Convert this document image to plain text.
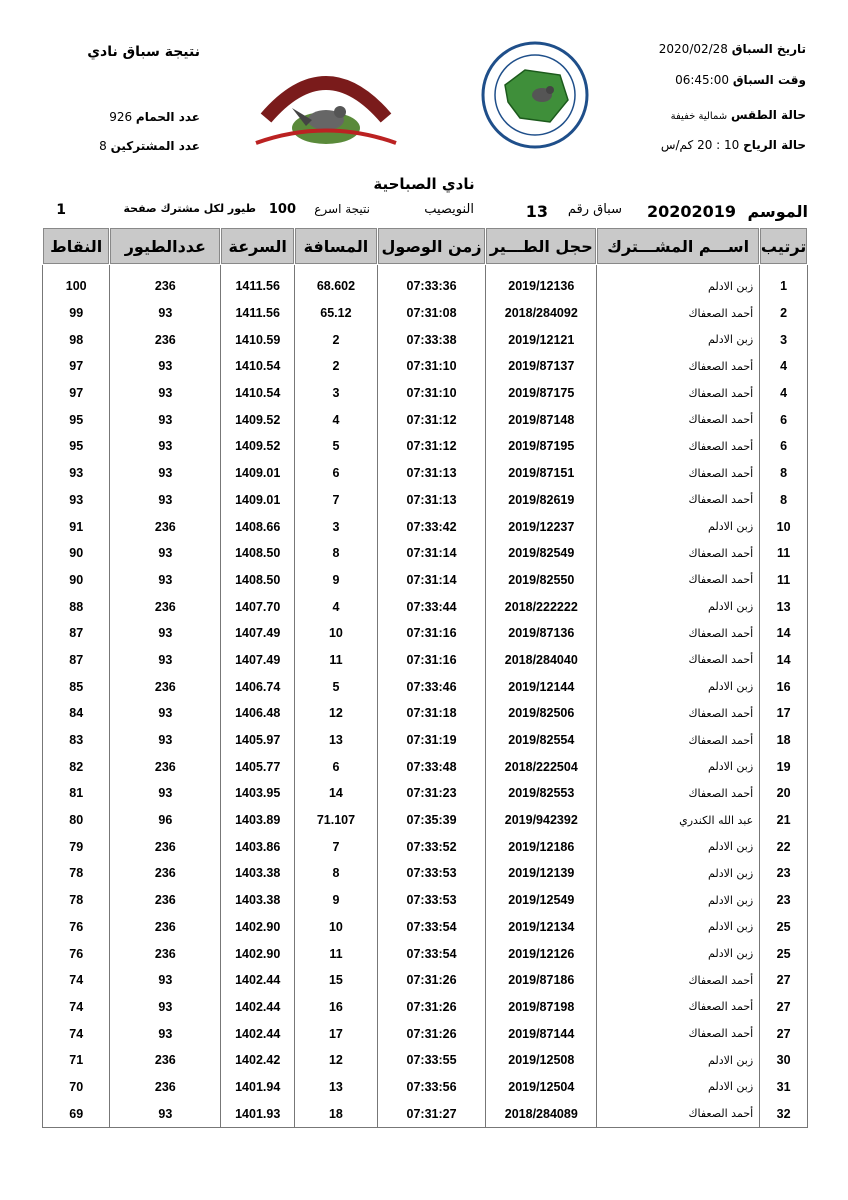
تاريخ السباق 2020/02/28
وقت السباق 06:45:00
حالة الطقس شمالية خفيفة
حالة الرياح 10 : 20 كم/س
نتيجة سباق نادي
عدد الحمام 926
عدد المشتركين 8
نادي الصباحية
الموسم
20202019
سباق رقم
13
النويصيب
نتيجة اسرع
100
طيور لكل مشترك صفحة
1
ترتيب	اســـم المشـــترك	حجل الطـــير	زمن الوصول	المسافة	السرعة	عددالطيور	النقاط

1	زبن الادلم	2019/12136	07:33:36	68.602	1411.56	236	100
2	أحمد الصعفاك	2018/284092	07:31:08	65.12	1411.56	93	99
3	زبن الادلم	2019/12121	07:33:38	2	1410.59	236	98
4	أحمد الصعفاك	2019/87137	07:31:10	2	1410.54	93	97
4	أحمد الصعفاك	2019/87175	07:31:10	3	1410.54	93	97
6	أحمد الصعفاك	2019/87148	07:31:12	4	1409.52	93	95
6	أحمد الصعفاك	2019/87195	07:31:12	5	1409.52	93	95
8	أحمد الصعفاك	2019/87151	07:31:13	6	1409.01	93	93
8	أحمد الصعفاك	2019/82619	07:31:13	7	1409.01	93	93
10	زبن الادلم	2019/12237	07:33:42	3	1408.66	236	91
11	أحمد الصعفاك	2019/82549	07:31:14	8	1408.50	93	90
11	أحمد الصعفاك	2019/82550	07:31:14	9	1408.50	93	90
13	زبن الادلم	2018/222222	07:33:44	4	1407.70	236	88
14	أحمد الصعفاك	2019/87136	07:31:16	10	1407.49	93	87
14	أحمد الصعفاك	2018/284040	07:31:16	11	1407.49	93	87
16	زبن الادلم	2019/12144	07:33:46	5	1406.74	236	85
17	أحمد الصعفاك	2019/82506	07:31:18	12	1406.48	93	84
18	أحمد الصعفاك	2019/82554	07:31:19	13	1405.97	93	83
19	زبن الادلم	2018/222504	07:33:48	6	1405.77	236	82
20	أحمد الصعفاك	2019/82553	07:31:23	14	1403.95	93	81
21	عبد الله الكندري	2019/942392	07:35:39	71.107	1403.89	96	80
22	زبن الادلم	2019/12186	07:33:52	7	1403.86	236	79
23	زبن الادلم	2019/12139	07:33:53	8	1403.38	236	78
23	زبن الادلم	2019/12549	07:33:53	9	1403.38	236	78
25	زبن الادلم	2019/12134	07:33:54	10	1402.90	236	76
25	زبن الادلم	2019/12126	07:33:54	11	1402.90	236	76
27	أحمد الصعفاك	2019/87186	07:31:26	15	1402.44	93	74
27	أحمد الصعفاك	2019/87198	07:31:26	16	1402.44	93	74
27	أحمد الصعفاك	2019/87144	07:31:26	17	1402.44	93	74
30	زبن الادلم	2019/12508	07:33:55	12	1402.42	236	71
31	زبن الادلم	2019/12504	07:33:56	13	1401.94	236	70
32	أحمد الصعفاك	2018/284089	07:31:27	18	1401.93	93	69
